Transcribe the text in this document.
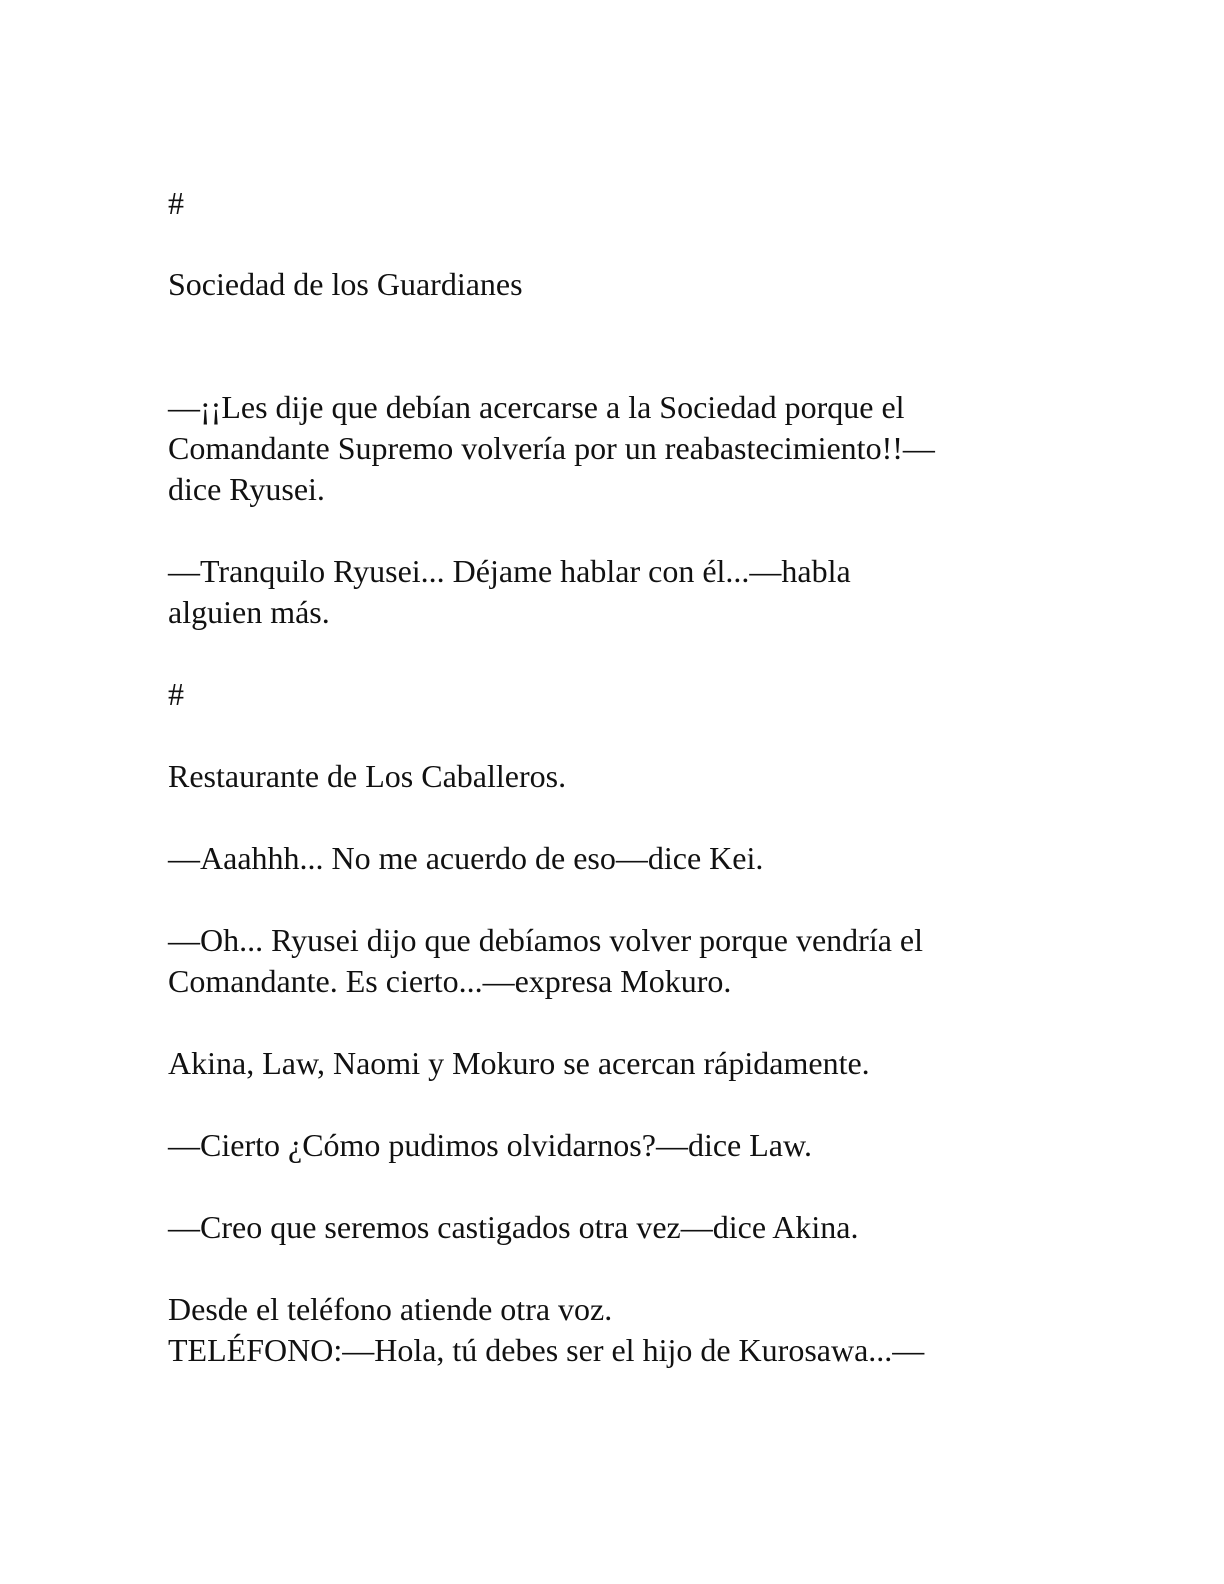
#

Sociedad de los Guardianes

—¡¡Les dije que debían acercarse a la Sociedad porque el

Comandante Supremo volvería por un reabastecimiento!!—

dice Ryusei.

—Tranquilo Ryusei... Déjame hablar con él...—habla

alguien más.

#

Restaurante de Los Caballeros.

—Aaahhh... No me acuerdo de eso—dice Kei.

—Oh... Ryusei dijo que debíamos volver porque vendría el

Comandante. Es cierto...—expresa Mokuro.

Akina, Law, Naomi y Mokuro se acercan rápidamente.

—Cierto ¿Cómo pudimos olvidarnos?—dice Law.

—Creo que seremos castigados otra vez—dice Akina.

Desde el teléfono atiende otra voz.

TELÉFONO:—Hola, tú debes ser el hijo de Kurosawa...—
